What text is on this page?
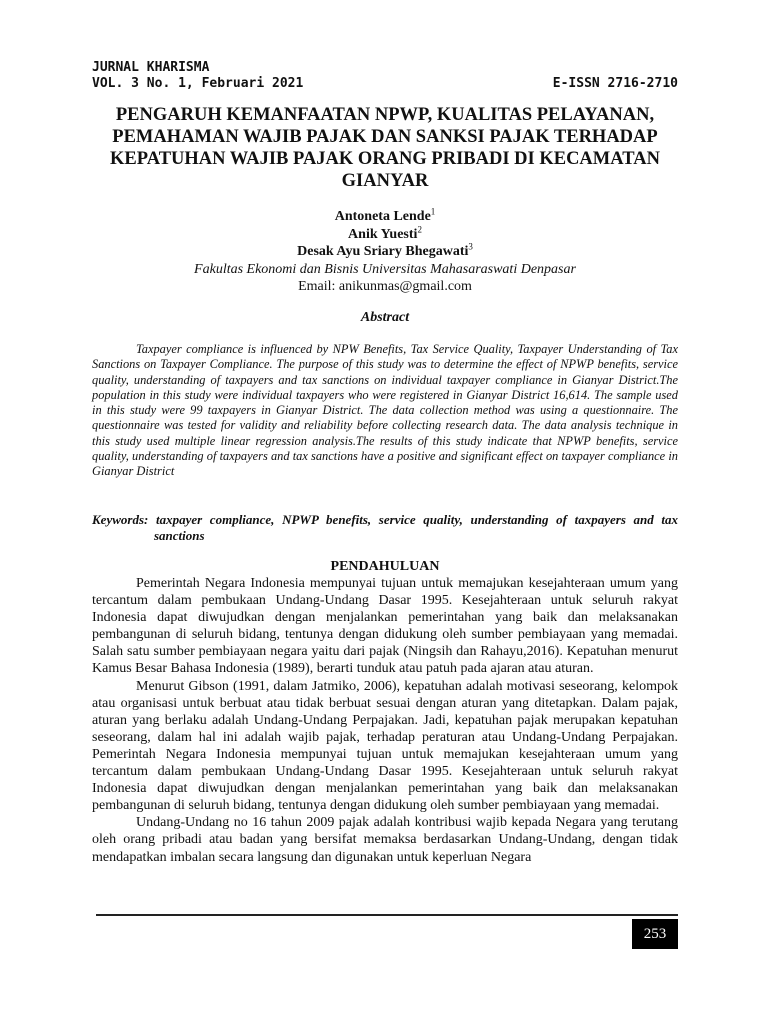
JURNAL KHARISMA
VOL. 3 No. 1, Februari 2021	E-ISSN 2716-2710
PENGARUH KEMANFAATAN NPWP, KUALITAS PELAYANAN, PEMAHAMAN WAJIB PAJAK DAN SANKSI PAJAK TERHADAP KEPATUHAN WAJIB PAJAK ORANG PRIBADI DI KECAMATAN GIANYAR
Antoneta Lende$^1$
Anik Yuesti$^2$
Desak Ayu Sriary Bhegawati$^3$
Fakultas Ekonomi dan Bisnis Universitas Mahasaraswati Denpasar
Email: anikunmas@gmail.com
Abstract

Taxpayer compliance is influenced by NPW Benefits, Tax Service Quality, Taxpayer Understanding of Tax Sanctions on Taxpayer Compliance. The purpose of this study was to determine the effect of NPWP benefits, service quality, understanding of taxpayers and tax sanctions on individual taxpayer compliance in Gianyar District.The population in this study were individual taxpayers who were registered in Gianyar District 16,614. The sample used in this study were 99 taxpayers in Gianyar District. The data collection method was using a questionnaire. The questionnaire was tested for validity and reliability before collecting research data. The data analysis technique in this study used multiple linear regression analysis.The results of this study indicate that NPWP benefits, service quality, understanding of taxpayers and tax sanctions have a positive and significant effect on taxpayer compliance in Gianyar District

Keywords: taxpayer compliance, NPWP benefits, service quality, understanding of taxpayers and tax sanctions
PENDAHULUAN

Pemerintah Negara Indonesia mempunyai tujuan untuk memajukan kesejahteraan umum yang tercantum dalam pembukaan Undang-Undang Dasar 1995. Kesejahteraan untuk seluruh rakyat Indonesia dapat diwujudkan dengan menjalankan pemerintahan yang baik dan melaksanakan pembangunan di seluruh bidang, tentunya dengan didukung oleh sumber pembiayaan yang memadai. Salah satu sumber pembiayaan negara yaitu dari pajak (Ningsih dan Rahayu,2016). Kepatuhan menurut Kamus Besar Bahasa Indonesia (1989), berarti tunduk atau patuh pada ajaran atau aturan.

Menurut Gibson (1991, dalam Jatmiko, 2006), kepatuhan adalah motivasi seseorang, kelompok atau organisasi untuk berbuat atau tidak berbuat sesuai dengan aturan yang ditetapkan. Dalam pajak, aturan yang berlaku adalah Undang-Undang Perpajakan. Jadi, kepatuhan pajak merupakan kepatuhan seseorang, dalam hal ini adalah wajib pajak, terhadap peraturan atau Undang-Undang Perpajakan. Pemerintah Negara Indonesia mempunyai tujuan untuk memajukan kesejahteraan umum yang tercantum dalam pembukaan Undang-Undang Dasar 1995. Kesejahteraan untuk seluruh rakyat Indonesia dapat diwujudkan dengan menjalankan pemerintahan yang baik dan melaksanakan pembangunan di seluruh bidang, tentunya dengan didukung oleh sumber pembiayaan yang memadai.

Undang-Undang no 16 tahun 2009 pajak adalah kontribusi wajib kepada Negara yang terutang oleh orang pribadi atau badan yang bersifat memaksa berdasarkan Undang-Undang, dengan tidak mendapatkan imbalan secara langsung dan digunakan untuk keperluan Negara

253
